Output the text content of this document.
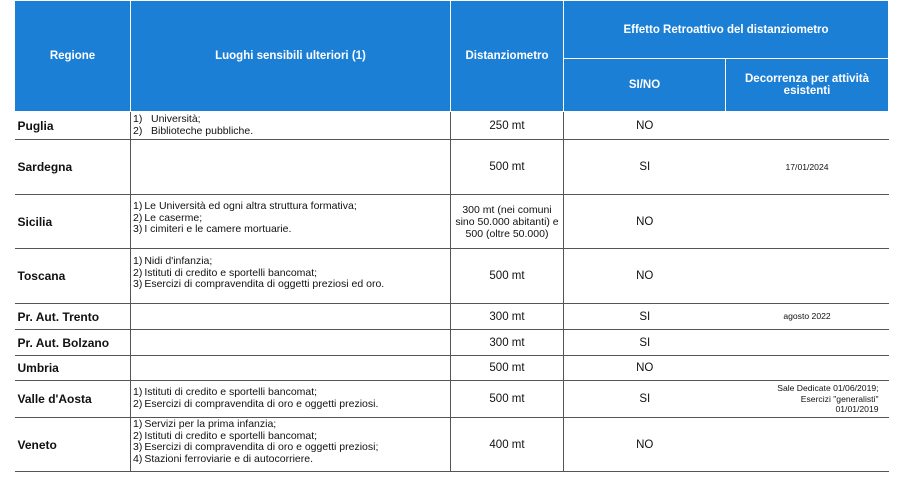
Regione	Luoghi sensibili ulteriori (1)	Distanziometro	Effetto Retroattivo del distanziometro	
			SI/NO	Decorrenza per attività esistenti
Puglia	1) Università;
2) Biblioteche pubbliche.	250 mt	NO	
Sardegna		500 mt	SI	17/01/2024
Sicilia	1) Le Università ed ogni altra struttura formativa;
2) Le caserme;
3) I cimiteri e le camere mortuarie.	300 mt (nei comuni sino 50.000 abitanti) e 500 (oltre 50.000)	NO	
Toscana	1) Nidi d'infanzia;
2) Istituti di credito e sportelli bancomat;
3) Esercizi di compravendita di oggetti preziosi ed oro.	500 mt	NO	
Pr. Aut. Trento		300 mt	SI	agosto 2022
Pr. Aut. Bolzano		300 mt	SI	
Umbria		500 mt	NO	
Valle d'Aosta	1) Istituti di credito e sportelli bancomat;
2) Esercizi di compravendita di oro e oggetti preziosi.	500 mt	SI	Sale Dedicate 01/06/2019; Esercizi "generalisti" 01/01/2019
Veneto	1) Servizi per la prima infanzia;
2) Istituti di credito e sportelli bancomat;
3) Esercizi di compravendita di oro e oggetti preziosi;
4) Stazioni ferroviarie e di autocorriere.	400 mt	NO	
